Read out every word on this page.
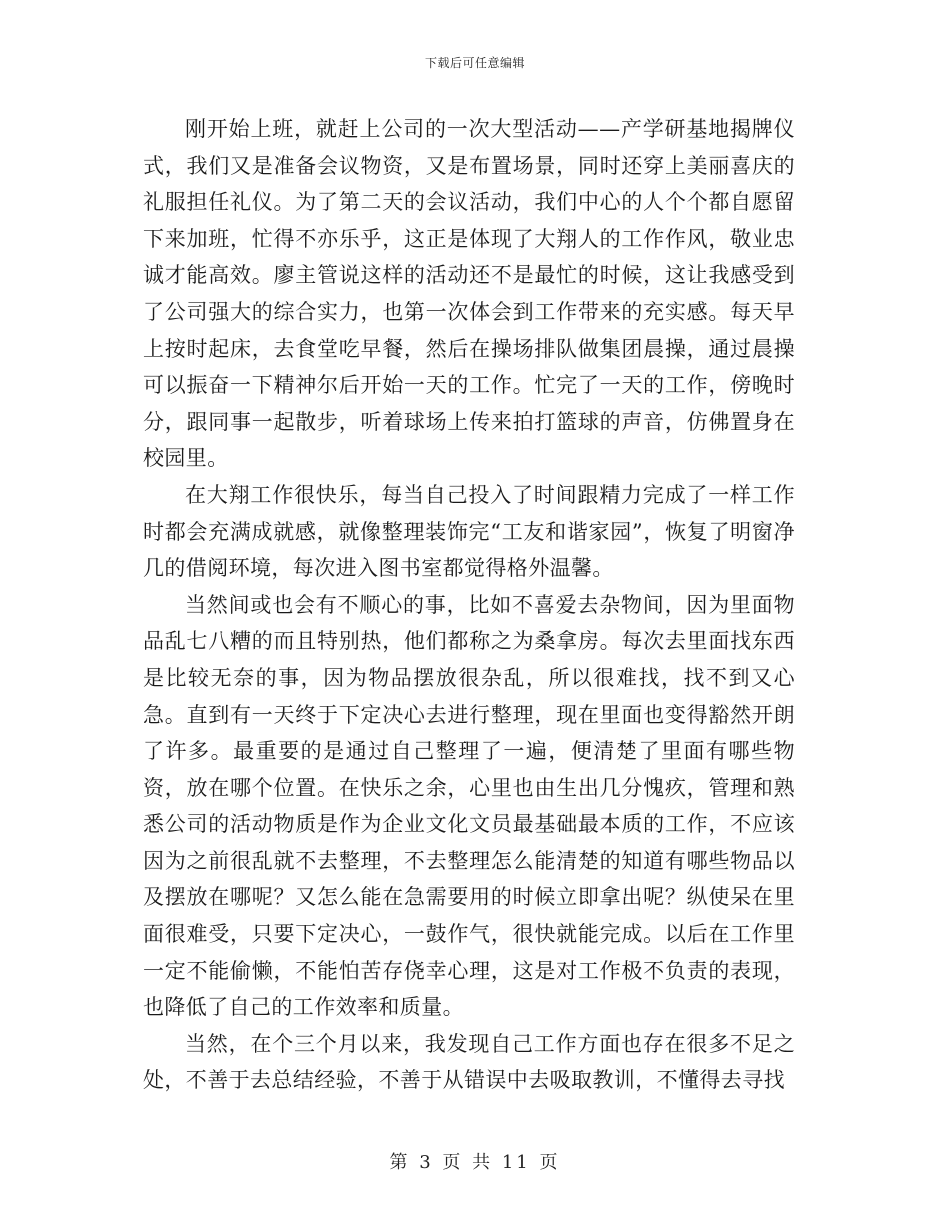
下载后可任意编辑

刚开始上班，就赶上公司的一次大型活动——产学研基地揭牌仪式，我们又是准备会议物资，又是布置场景，同时还穿上美丽喜庆的礼服担任礼仪。为了第二天的会议活动，我们中心的人个个都自愿留下来加班，忙得不亦乐乎，这正是体现了大翔人的工作作风，敬业忠诚才能高效。廖主管说这样的活动还不是最忙的时候，这让我感受到了公司强大的综合实力，也第一次体会到工作带来的充实感。每天早上按时起床，去食堂吃早餐，然后在操场排队做集团晨操，通过晨操可以振奋一下精神尔后开始一天的工作。忙完了一天的工作，傍晚时分，跟同事一起散步，听着球场上传来拍打篮球的声音，仿佛置身在校园里。

在大翔工作很快乐，每当自己投入了时间跟精力完成了一样工作时都会充满成就感，就像整理装饰完“工友和谐家园”，恢复了明窗净几的借阅环境，每次进入图书室都觉得格外温馨。

当然间或也会有不顺心的事，比如不喜爱去杂物间，因为里面物品乱七八糟的而且特别热，他们都称之为桑拿房。每次去里面找东西是比较无奈的事，因为物品摆放很杂乱，所以很难找，找不到又心急。直到有一天终于下定决心去进行整理，现在里面也变得豁然开朗了许多。最重要的是通过自己整理了一遍，便清楚了里面有哪些物资，放在哪个位置。在快乐之余，心里也由生出几分愧疚，管理和熟悉公司的活动物质是作为企业文化文员最基础最本质的工作，不应该因为之前很乱就不去整理，不去整理怎么能清楚的知道有哪些物品以及摆放在哪呢？又怎么能在急需要用的时候立即拿出呢？纵使呆在里面很难受，只要下定决心，一鼓作气，很快就能完成。以后在工作里一定不能偷懒，不能怕苦存侥幸心理，这是对工作极不负责的表现，也降低了自己的工作效率和质量。

当然，在个三个月以来，我发现自己工作方面也存在很多不足之处，不善于去总结经验，不善于从错误中去吸取教训，不懂得去寻找

第 3 页 共 11 页
